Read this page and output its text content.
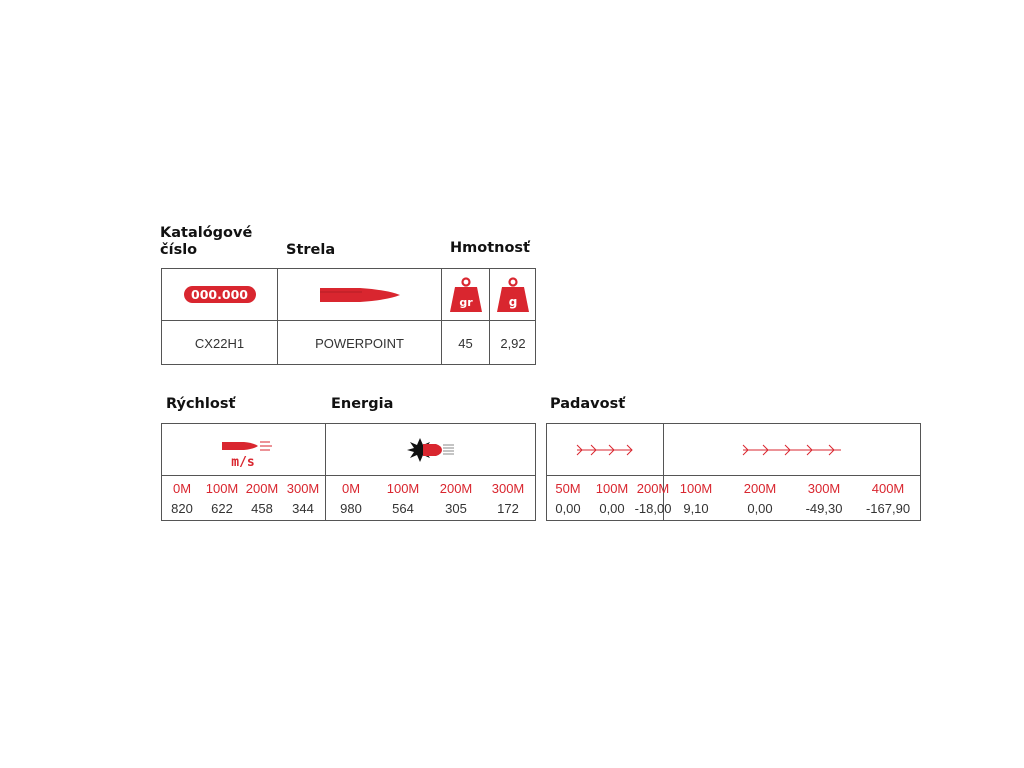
Katalógové číslo	Strela	Hmotnosť
000.000	gr	g
CX22H1	POWERPOINT	45	2,92
Rýchlosť	Energia	Padavosť
m/s
0M 100M 200M 300M
820 622 458 344
0M 100M 200M 300M
980 564 305 172
50M 100M 200M
0,00 0,00 -18,00
100M 200M 300M 400M
9,10	0,00	-49,30 -167,90
